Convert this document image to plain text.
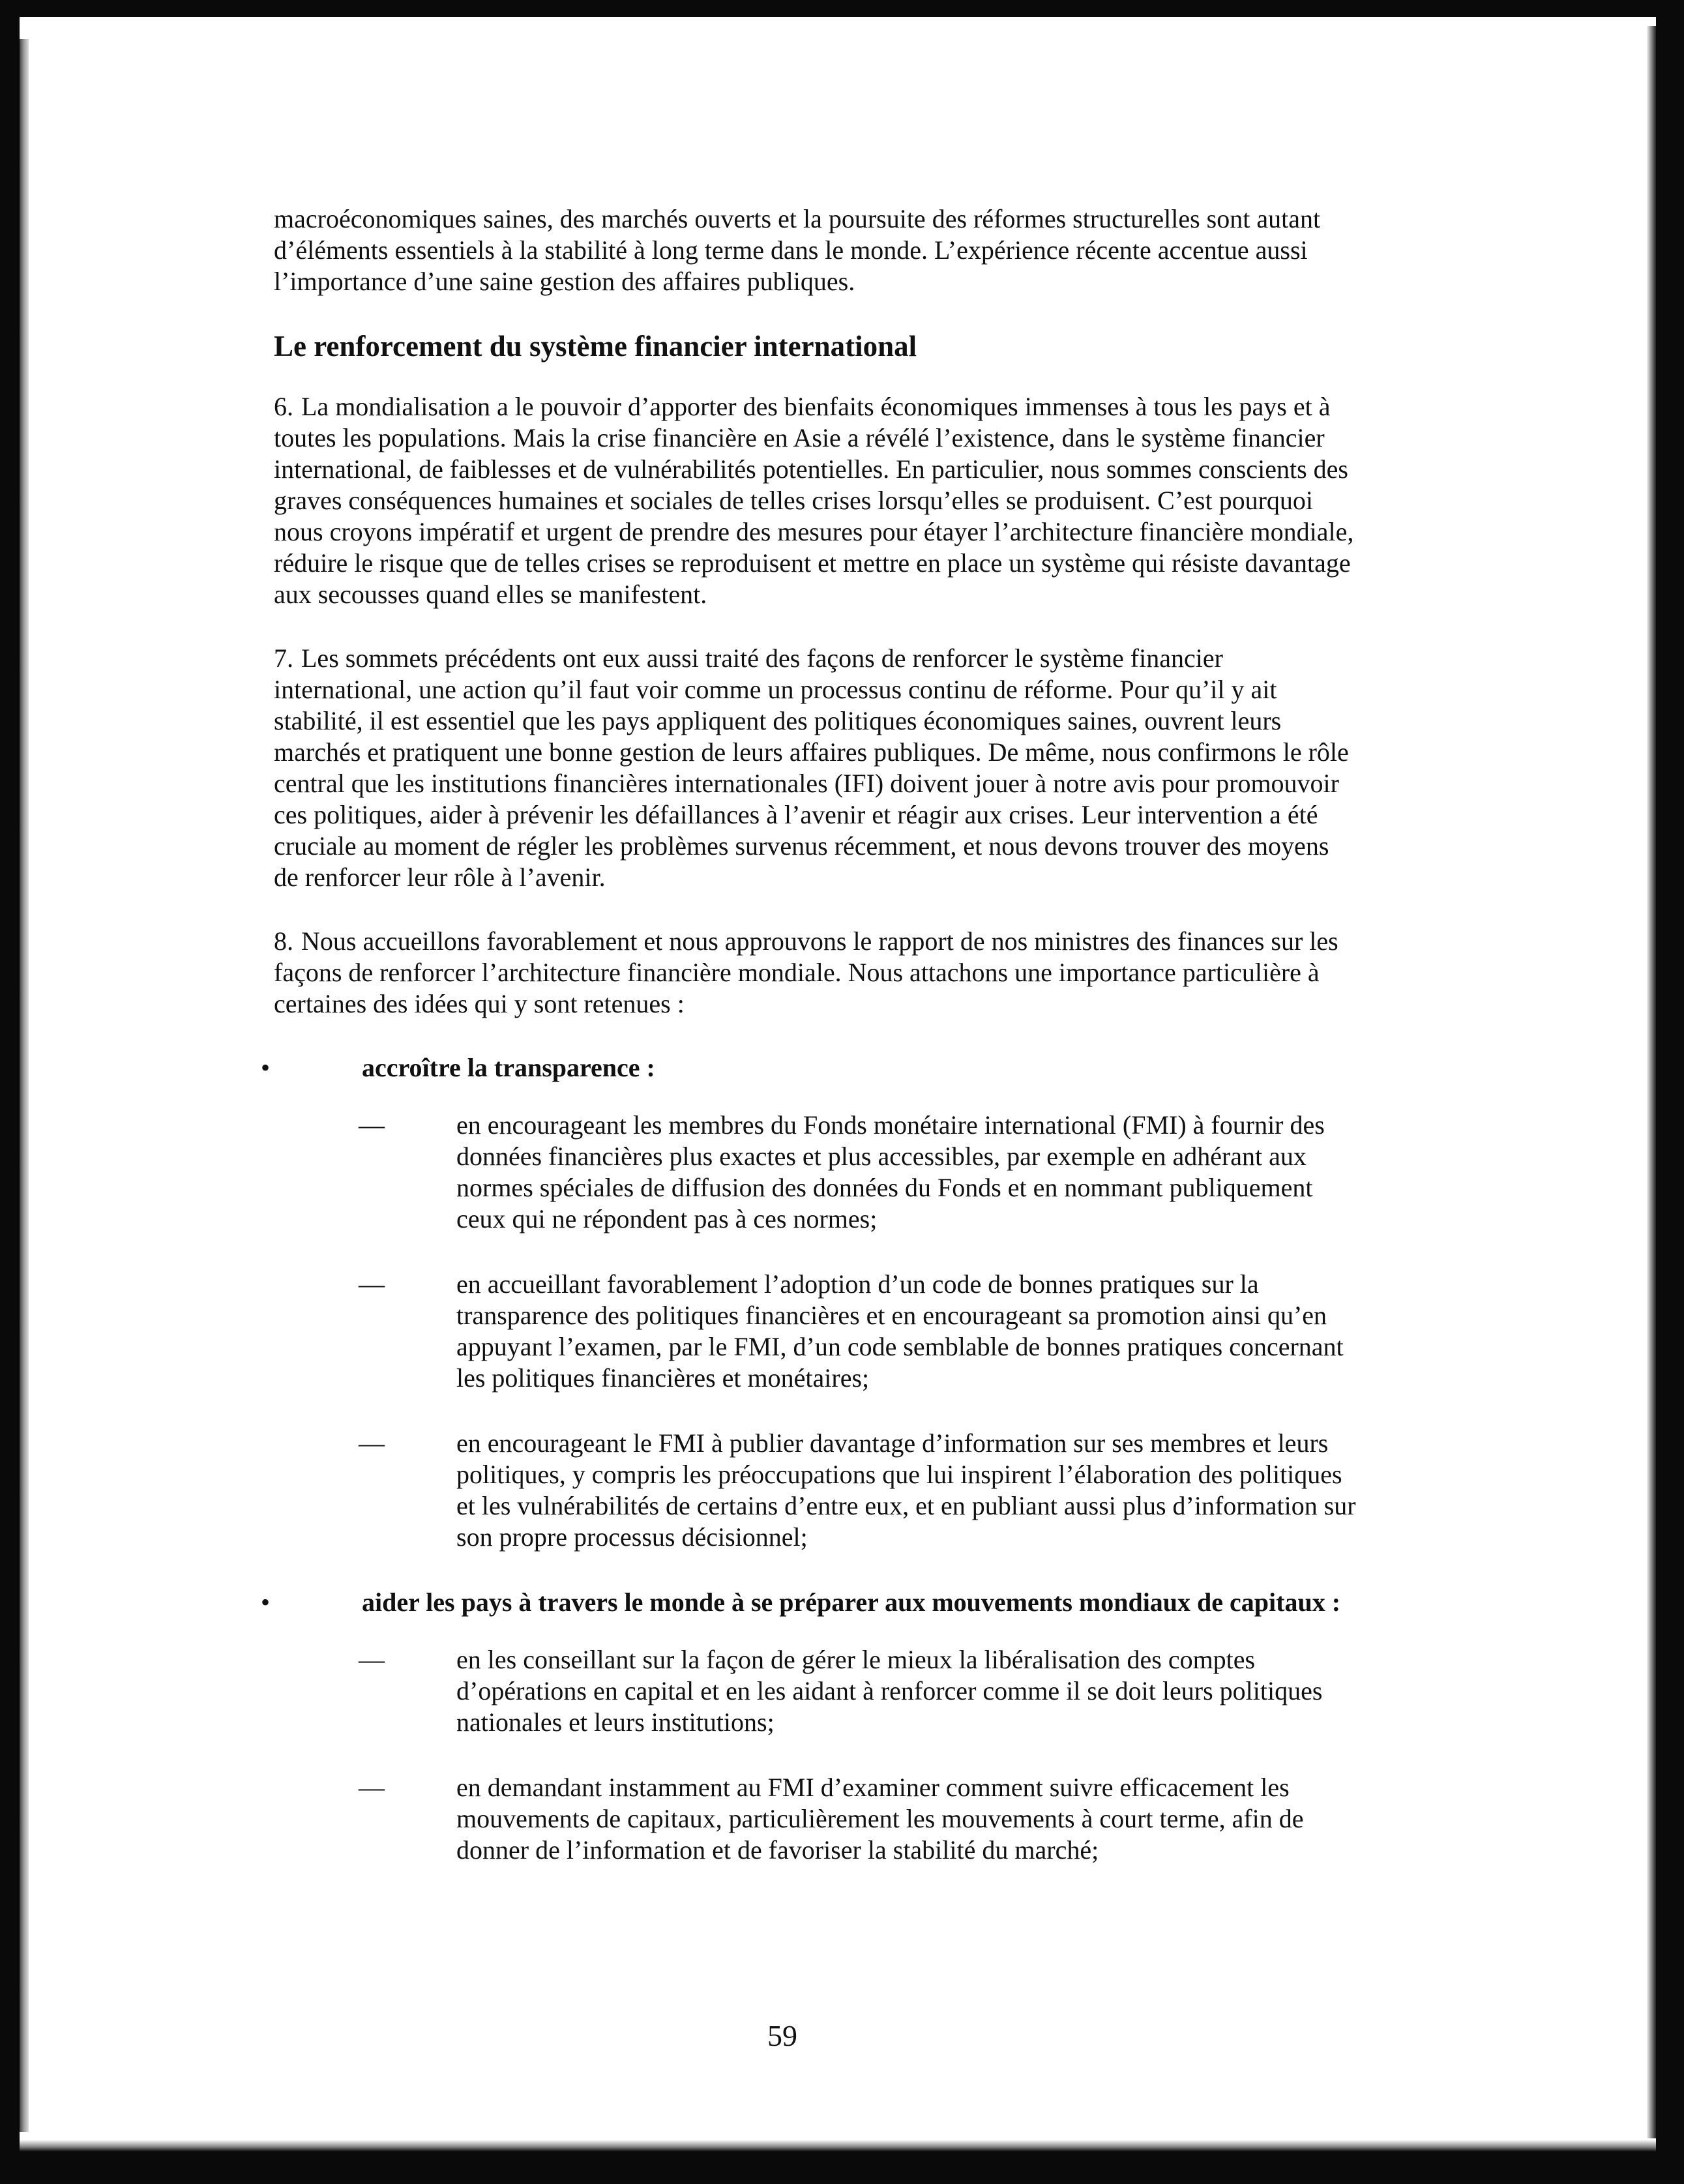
macroéconomiques saines, des marchés ouverts et la poursuite des réformes structurelles sont autant d’éléments essentiels à la stabilité à long terme dans le monde. L’expérience récente accentue aussi l’importance d’une saine gestion des affaires publiques.

Le renforcement du système financier international

6. La mondialisation a le pouvoir d’apporter des bienfaits économiques immenses à tous les pays et à toutes les populations. Mais la crise financière en Asie a révélé l’existence, dans le système financier international, de faiblesses et de vulnérabilités potentielles. En particulier, nous sommes conscients des graves conséquences humaines et sociales de telles crises lorsqu’elles se produisent. C’est pourquoi nous croyons impératif et urgent de prendre des mesures pour étayer l’architecture financière mondiale, réduire le risque que de telles crises se reproduisent et mettre en place un système qui résiste davantage aux secousses quand elles se manifestent.

7. Les sommets précédents ont eux aussi traité des façons de renforcer le système financier international, une action qu’il faut voir comme un processus continu de réforme. Pour qu’il y ait stabilité, il est essentiel que les pays appliquent des politiques économiques saines, ouvrent leurs marchés et pratiquent une bonne gestion de leurs affaires publiques. De même, nous confirmons le rôle central que les institutions financières internationales (IFI) doivent jouer à notre avis pour promouvoir ces politiques, aider à prévenir les défaillances à l’avenir et réagir aux crises. Leur intervention a été cruciale au moment de régler les problèmes survenus récemment, et nous devons trouver des moyens de renforcer leur rôle à l’avenir.

8. Nous accueillons favorablement et nous approuvons le rapport de nos ministres des finances sur les façons de renforcer l’architecture financière mondiale. Nous attachons une importance particulière à certaines des idées qui y sont retenues :

•	accroître la transparence :
—	en encourageant les membres du Fonds monétaire international (FMI) à fournir des données financières plus exactes et plus accessibles, par exemple en adhérant aux normes spéciales de diffusion des données du Fonds et en nommant publiquement ceux qui ne répondent pas à ces normes;

—	en accueillant favorablement l’adoption d’un code de bonnes pratiques sur la transparence des politiques financières et en encourageant sa promotion ainsi qu’en appuyant l’examen, par le FMI, d’un code semblable de bonnes pratiques concernant les politiques financières et monétaires;

—	en encourageant le FMI à publier davantage d’information sur ses membres et leurs politiques, y compris les préoccupations que lui inspirent l’élaboration des politiques et les vulnérabilités de certains d’entre eux, et en publiant aussi plus d’information sur son propre processus décisionnel;

•	aider les pays à travers le monde à se préparer aux mouvements mondiaux de capitaux :
—	en les conseillant sur la façon de gérer le mieux la libéralisation des comptes d’opérations en capital et en les aidant à renforcer comme il se doit leurs politiques nationales et leurs institutions;

—	en demandant instamment au FMI d’examiner comment suivre efficacement les mouvements de capitaux, particulièrement les mouvements à court terme, afin de donner de l’information et de favoriser la stabilité du marché;

59
